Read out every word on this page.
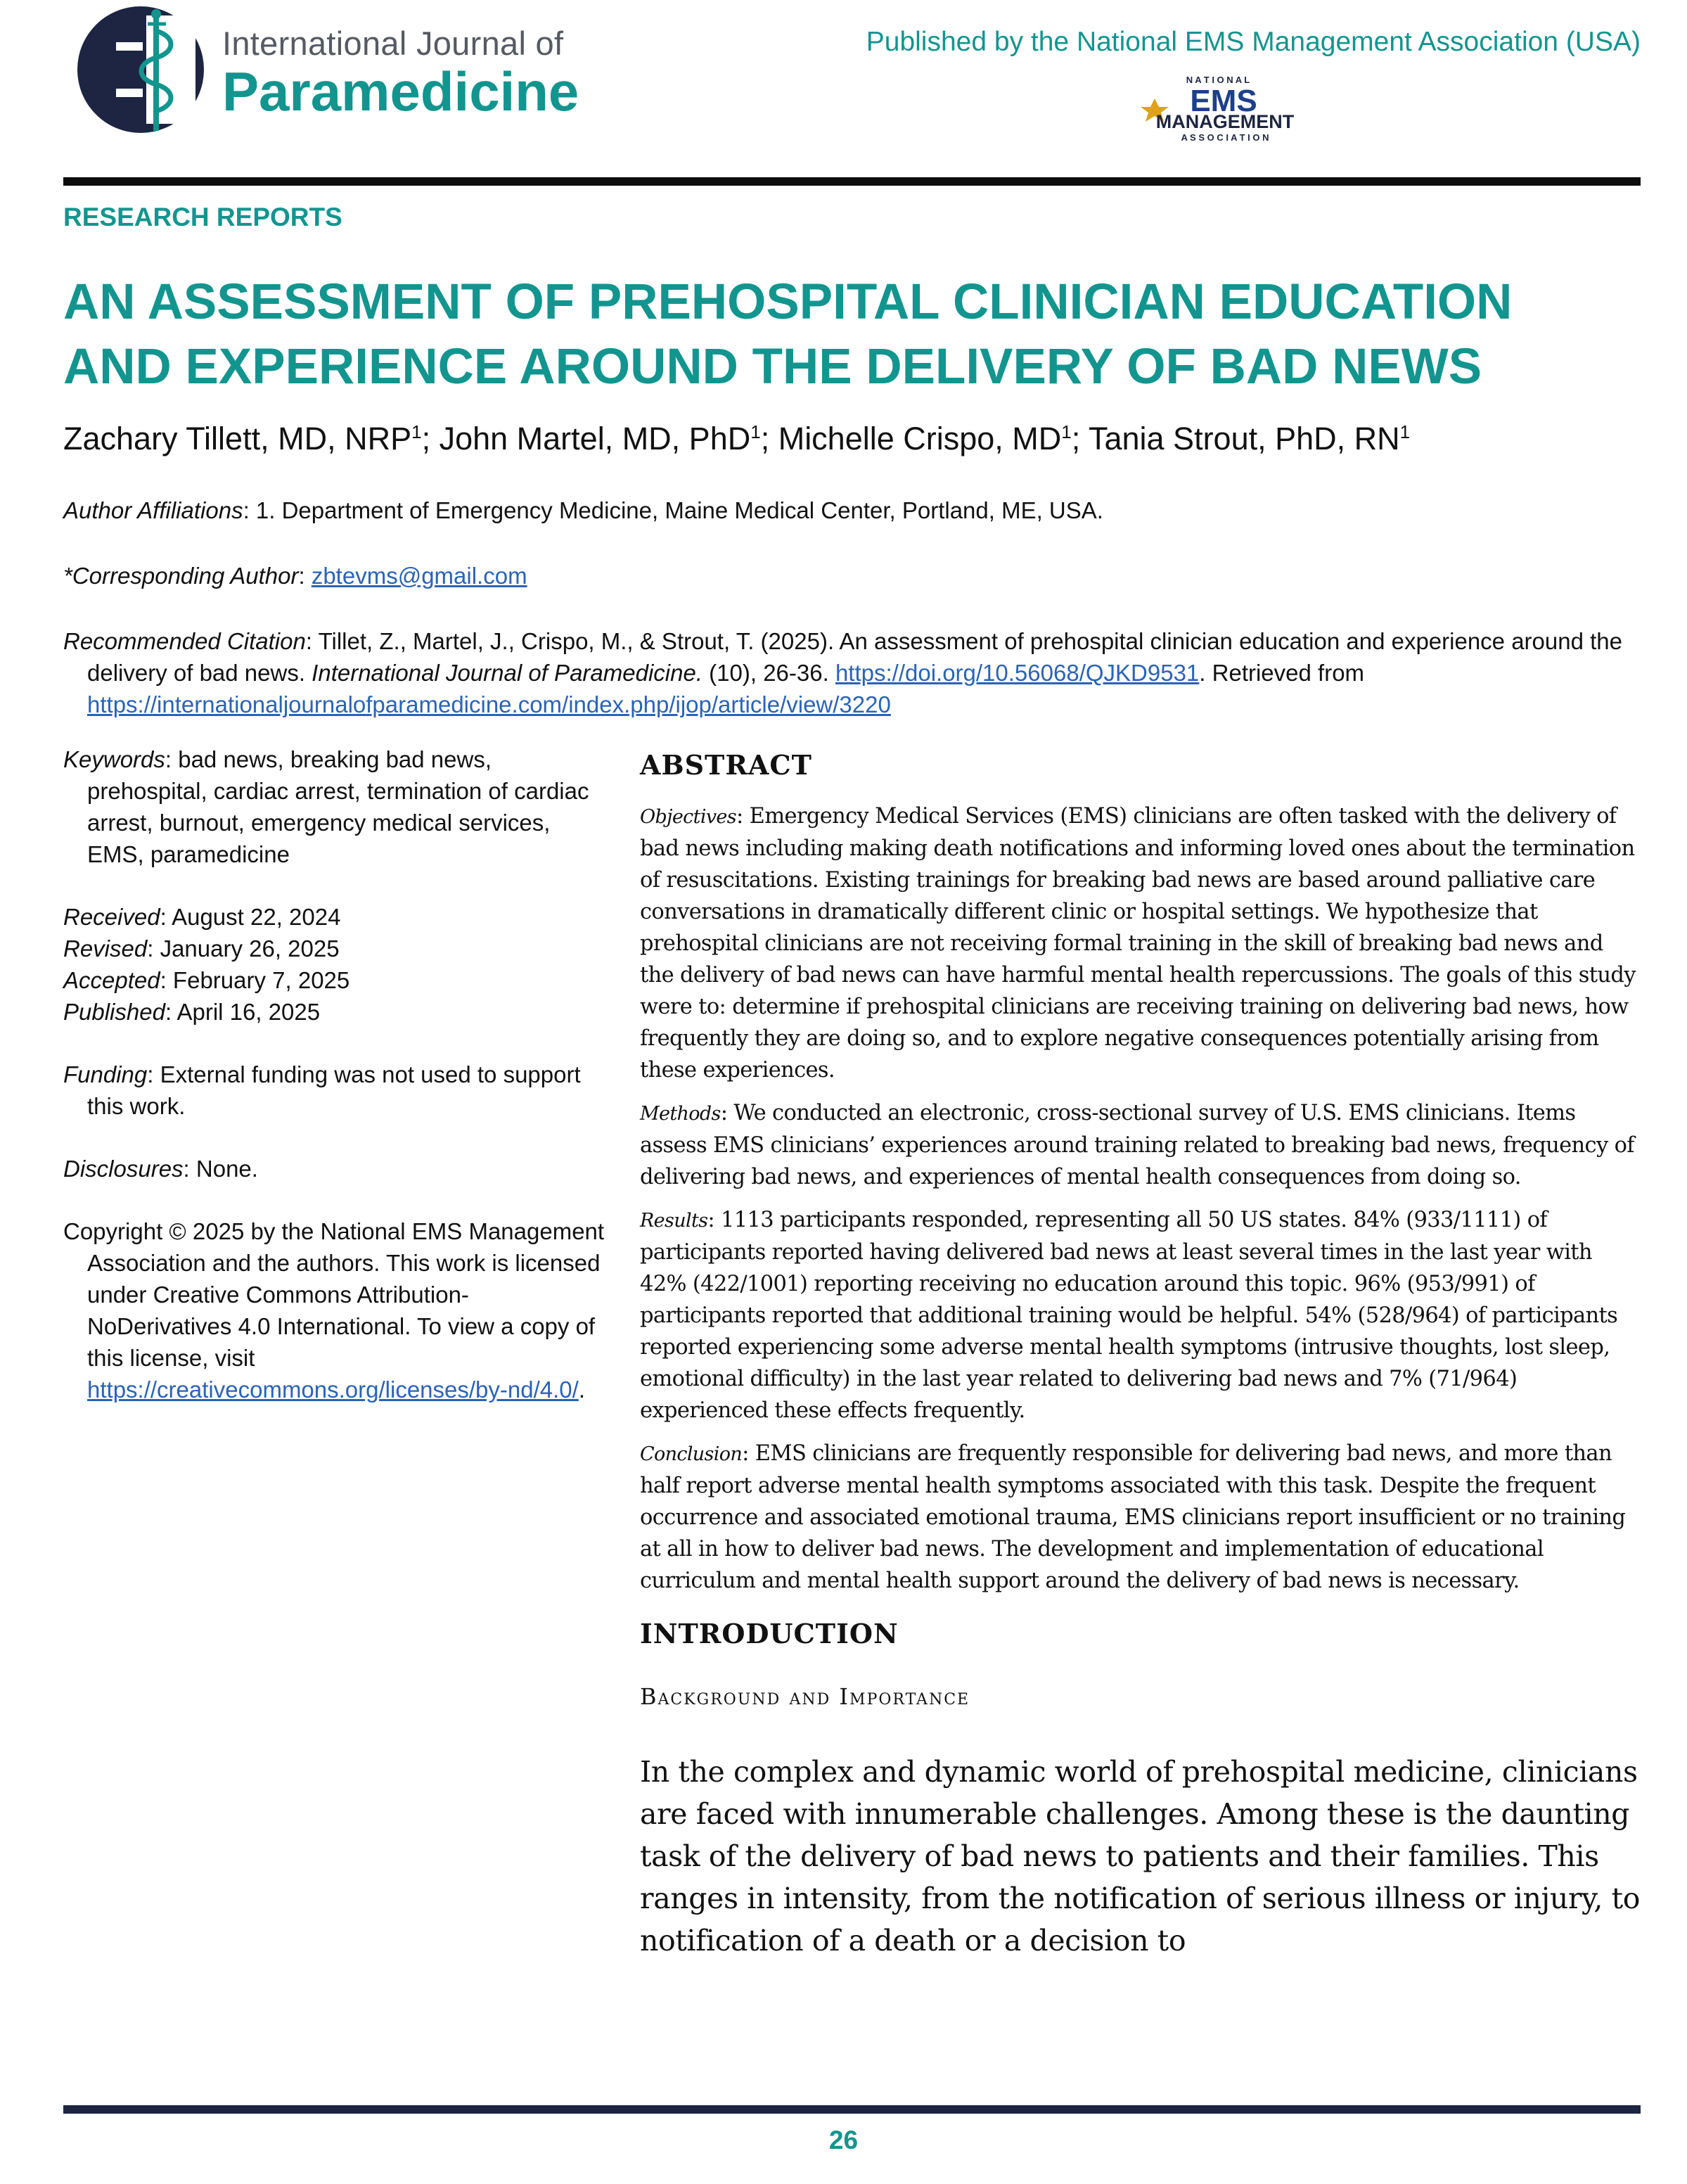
International Journal of
Paramedicine
Published by the National EMS Management Association (USA)
N A T I O N A L
EMS
MANAGEMENT
A S S O C I A T I O N
RESEARCH REPORTS
AN ASSESSMENT OF PREHOSPITAL CLINICIAN EDUCATION
AND EXPERIENCE AROUND THE DELIVERY OF BAD NEWS
Zachary Tillett, MD, NRP$^1$; John Martel, MD, PhD$^1$; Michelle Crispo, $MD^1$; Tania Strout, PhD, $RN^1$
Author Affiliations: 1. Department of Emergency Medicine, Maine Medical Center, Portland, ME, USA.
*Corresponding Author: zbtevms@gmail.com
Recommended Citation: Tillet, Z., Martel, J., Crispo, M., & Strout, T. (2025). An assessment of prehospital clinician education and experience around the delivery of bad news. International Journal of Paramedicine. (10), 26-36. https://doi.org/10.56068/QJKD9531. Retrieved from https://internationaljournalofparamedicine.com/index.php/ijop/article/view/3220

Keywords: bad news, breaking bad news, prehospital, cardiac arrest, termination of cardiac arrest, burnout, emergency medical services, EMS, paramedicine

Received: August 22, 2024

Revised: January 26, 2025

Accepted: February 7, 2025

Published: April 16, 2025

Funding: External funding was not used to support this work.

Disclosures: None.

Copyright © 2025 by the National EMS Management Association and the authors. This work is licensed under Creative Commons Attribution-NoDerivatives 4.0 International. To view a copy of this license, visit https://creativecommons.org/licenses/by-nd/4.0/.

ABSTRACT

Objectives: Emergency Medical Services (EMS) clinicians are often tasked with the delivery of bad news including making death notifications and informing loved ones about the termination of resuscitations. Existing trainings for breaking bad news are based around palliative care conversations in dramatically different clinic or hospital settings. We hypothesize that prehospital clinicians are not receiving formal training in the skill of breaking bad news and the delivery of bad news can have harmful mental health repercussions. The goals of this study were to: determine if prehospital clinicians are receiving training on delivering bad news, how frequently they are doing so, and to explore negative consequences potentially arising from these experiences.

Methods: We conducted an electronic, cross-sectional survey of U.S. EMS clinicians. Items assess EMS clinicians’ experiences around training related to breaking bad news, frequency of delivering bad news, and experiences of mental health consequences from doing so.

Results: 1113 participants responded, representing all 50 US states. 84% (933/1111) of participants reported having delivered bad news at least several times in the last year with 42% (422/1001) reporting receiving no education around this topic. 96% (953/991) of participants reported that additional training would be helpful. 54% (528/964) of participants reported experiencing some adverse mental health symptoms (intrusive thoughts, lost sleep, emotional difficulty) in the last year related to delivering bad news and 7% (71/964) experienced these effects frequently.

Conclusion: EMS clinicians are frequently responsible for delivering bad news, and more than half report adverse mental health symptoms associated with this task. Despite the frequent occurrence and associated emotional trauma, EMS clinicians report insufficient or no training at all in how to deliver bad news. The development and implementation of educational curriculum and mental health support around the delivery of bad news is necessary.

INTRODUCTION
Background and Importance

In the complex and dynamic world of prehospital medicine, clinicians are faced with innumerable challenges. Among these is the daunting task of the delivery of bad news to patients and their families. This ranges in intensity, from the notification of serious illness or injury, to notification of a death or a decision to

26
